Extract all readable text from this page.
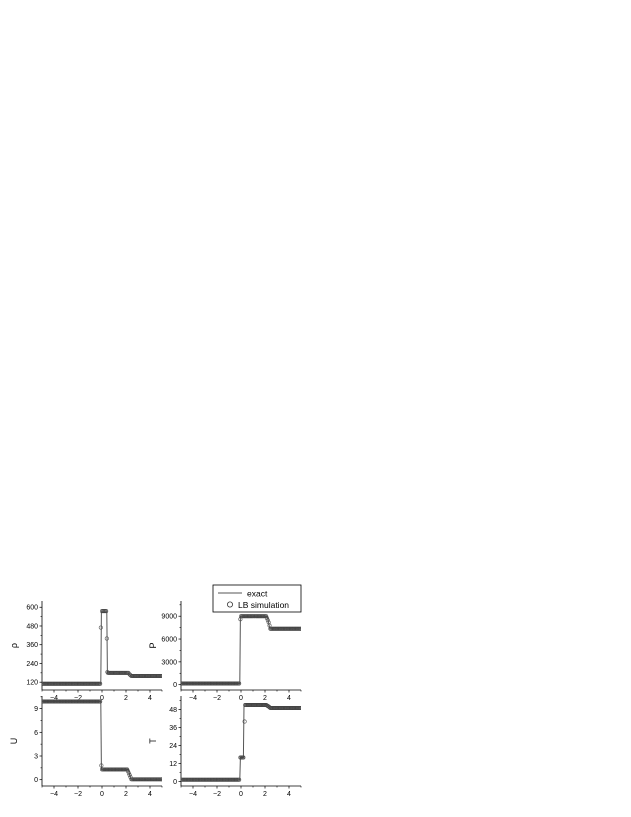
−4 −2	0	2	4
120
240
360
480
600
ρ
−4 −2	0	2	4
0
3000
6000
9000
P
−4 −2	0	2	4
0
3
6
9
U
−4 −2	0	2	4
0
12
24
36
48
T
exact
LB simulation
